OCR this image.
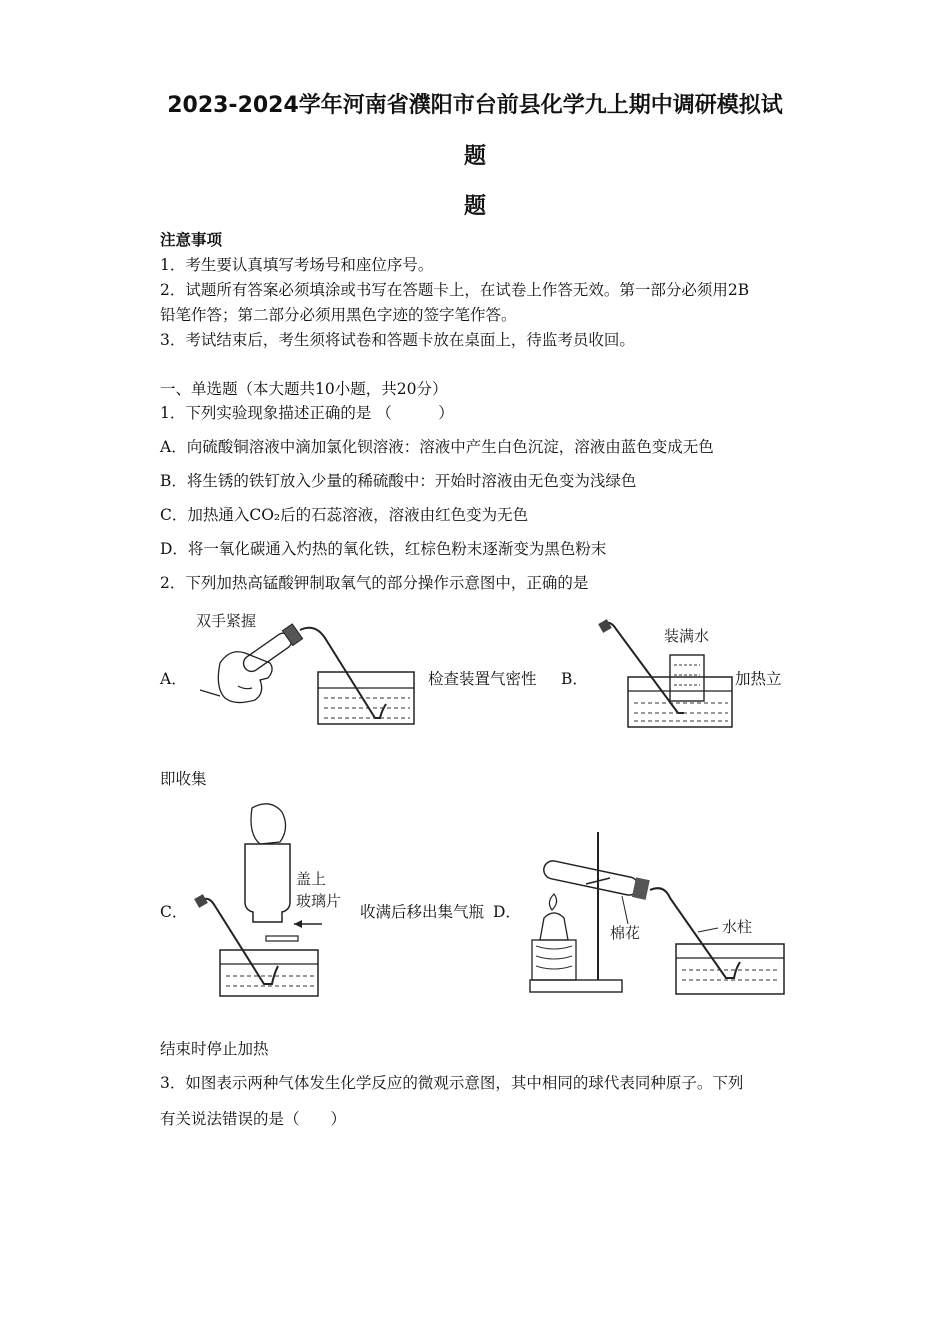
2023-2024学年河南省濮阳市台前县化学九上期中调研模拟试
题
题
注意事项
1．考生要认真填写考场号和座位序号。
2．试题所有答案必须填涂或书写在答题卡上，在试卷上作答无效。第一部分必须用2B
铅笔作答；第二部分必须用黑色字迹的签字笔作答。
3．考试结束后，考生须将试卷和答题卡放在桌面上，待监考员收回。
一、单选题（本大题共10小题，共20分）
1．下列实验现象描述正确的是 （　　　）
A．向硫酸铜溶液中滴加氯化钡溶液：溶液中产生白色沉淀，溶液由蓝色变成无色
B．将生锈的铁钉放入少量的稀硫酸中：开始时溶液由无色变为浅绿色
C．加热通入CO₂后的石蕊溶液，溶液由红色变为无色
D．将一氧化碳通入灼热的氧化铁，红棕色粉末逐渐变为黑色粉末
2．下列加热高锰酸钾制取氧气的部分操作示意图中，正确的是
A．
双手紧握
检查装置气密性 B．
装满水
加热立
即收集
C．
盖上
玻璃片
收满后移出集气瓶 D．
棉花	水柱
结束时停止加热
3．如图表示两种气体发生化学反应的微观示意图，其中相同的球代表同种原子。下列
有关说法错误的是（　　）
